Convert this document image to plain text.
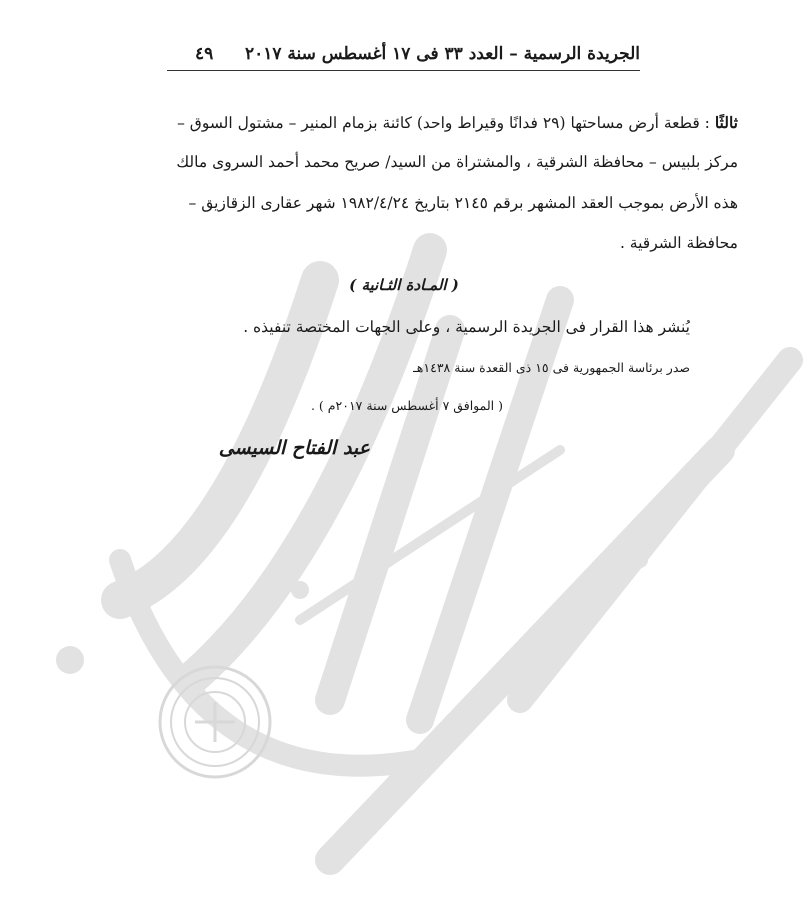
الجريدة الرسمية – العدد ٣٣ فى ١٧ أغسطس سنة ٢٠١٧
٤٩
ثالثًا : قطعة أرض مساحتها (٢٩ فدانًا وقيراط واحد) كائنة بزمام المنير – مشتول السوق –
مركز بلبيس – محافظة الشرقية ، والمشتراة من السيد/ صريح محمد أحمد السروى مالك
هذه الأرض بموجب العقد المشهر برقم ٢١٤٥ بتاريخ ١٩٨٢/٤/٢٤ شهر عقارى الزقازيق –
محافظة الشرقية .
( المـادة الثـانية )
يُنشر هذا القرار فى الجريدة الرسمية ، وعلى الجهات المختصة تنفيذه .
صدر برئاسة الجمهورية فى ١٥ ذى القعدة سنة ١٤٣٨هـ
( الموافق ٧ أغسطس سنة ٢٠١٧م ) .
عبد الفتاح السيسى
